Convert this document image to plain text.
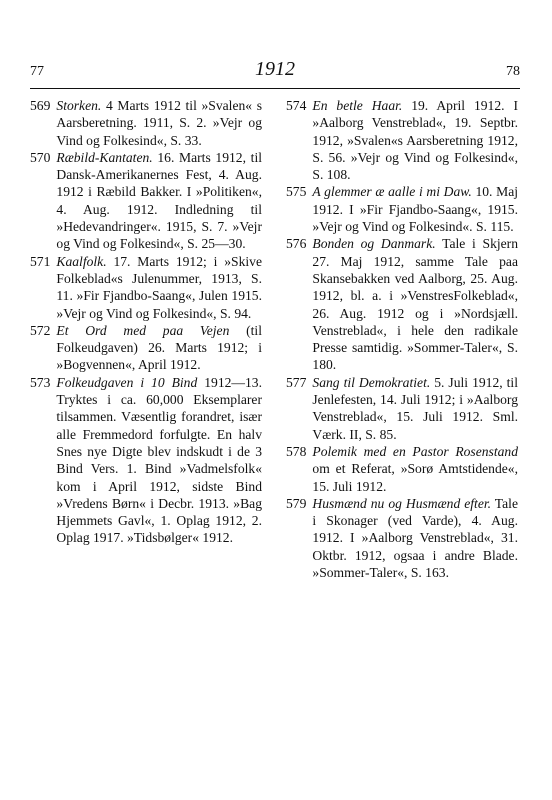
77	1912	78
569 Storken. 4 Marts 1912 til »Svalen« s Aarsberetning. 1911, S. 2. »Vejr og Vind og Folkesind«, S. 33.
570 Ræbild-Kantaten. 16. Marts 1912, til Dansk-Amerikanernes Fest, 4. Aug. 1912 i Ræbild Bakker. I »Politiken«, 4. Aug. 1912. Indledning til »Hedevandringer«. 1915, S. 7. »Vejr og Vind og Folkesind«, S. 25—30.
571 Kaalfolk. 17. Marts 1912; i »Skive Folkeblad«s Julenummer, 1913, S. 11. »Fir Fjandbo-Saang«, Julen 1915. »Vejr og Vind og Folkesind«, S. 94.
572 Et Ord med paa Vejen (til Folkeudgaven) 26. Marts 1912; i »Bogvennen«, April 1912.
573 Folkeudgaven i 10 Bind 1912—13. Tryktes i ca. 60,000 Eksemplarer tilsammen. Væsentlig forandret, især alle Fremmedord forfulgte. En halv Snes nye Digte blev indskudt i de 3 Bind Vers. 1. Bind »Vadmelsfolk« kom i April 1912, sidste Bind »Vredens Børn« i Decbr. 1913. »Bag Hjemmets Gavl«, 1. Oplag 1912, 2. Oplag 1917. »Tidsbølger« 1912.
574 En betle Haar. 19. April 1912. I »Aalborg Venstreblad«, 19. Septbr. 1912, »Svalen«s Aarsberetning 1912, S. 56. »Vejr og Vind og Folkesind«, S. 108.
575 A glemmer æ aalle i mi Daw. 10. Maj 1912. I »Fir Fjandbo-Saang«, 1915. »Vejr og Vind og Folkesind«. S. 115.
576 Bonden og Danmark. Tale i Skjern 27. Maj 1912, samme Tale paa Skansebakken ved Aalborg, 25. Aug. 1912, bl. a. i »VenstresFolkeblad«, 26. Aug. 1912 og i »Nordsjæll. Venstreblad«, i hele den radikale Presse samtidig. »Sommer-Taler«, S. 180.
577 Sang til Demokratiet. 5. Juli 1912, til Jenlefesten, 14. Juli 1912; i »Aalborg Venstreblad«, 15. Juli 1912. Sml. Værk. II, S. 85.
578 Polemik med en Pastor Rosenstand om et Referat, »Sorø Amtstidende«, 15. Juli 1912.
579 Husmænd nu og Husmænd efter. Tale i Skonager (ved Varde), 4. Aug. 1912. I »Aalborg Venstreblad«, 31. Oktbr. 1912, ogsaa i andre Blade. »Sommer-Taler«, S. 163.
